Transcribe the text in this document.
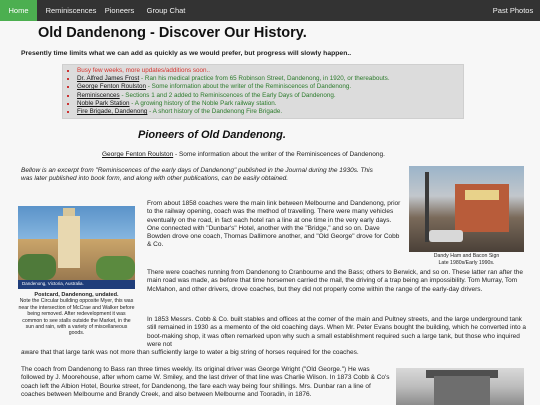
Home	Reminiscences	Pioneers	Group Chat	Past Photos
Old Dandenong - Discover Our History.
Presently time limits what we can add as quickly as we would prefer, but progress will slowly happen..
▪ Busy few weeks, more updates/additions soon..
▪ Dr. Alfred James Frost - Ran his medical practice from 65 Robinson Street, Dandenong, in 1920, or thereabouts.
▪ George Fenton Roulston - Some information about the writer of the Reminiscences of Dandenong.
▪ Reminiscences - Sections 1 and 2 added to Reminiscences of the Early Days of Dandenong.
▪ Noble Park Station - A growing history of the Noble Park railway station.
▪ Fire Brigade, Dandenong - A short history of the Dandenong Fire Brigade.
Pioneers of Old Dandenong.
George Fenton Roulston - Some information about the writer of the Reminiscences of Dandenong.
Bellow is an excerpt from "Reminiscences of the early days of Dandenong" published in the Journal during the 1930s. This was later published into book form, and along with other publications, can be easily obtained.
Dandy Ham and Bacon Sign
Late 1980s/Early 1990s.
Dandenong, Victoria, Australia.
Postcard, Dandenong, undated.
Note the Circular building opposite Myer, this was near the intersection of McCrae and Walker before being removed. After redevelopment it was common to see stalls outside the Market, in the sun and rain, with a variety of miscellaneous goods.
From about 1858 coaches were the main link between Melbourne and Dandenong, prior to the railway opening, coach was the method of travelling. There were many vehicles eventually on the road, in fact each hotel ran a line at one time in the very early days. One connected with "Dunbar's" Hotel, another with the "Bridge," and so on. Dave Bowden drove one coach, Thomas Dallimore another, and "Old George" drove for Cobb & Co.
There were coaches running from Dandenong to Cranbourne and the Bass; others to Berwick, and so on. These latter ran after the main road was made, as before that time horsemen carried the mail, the driving of a trap being an impossibility. Tom Murray, Tom McMahon, and other drivers, drove coaches, but they did not properly come within the range of the early-day drivers.
In 1853 Messrs. Cobb & Co. built stables and offices at the corner of the main and Pultney streets, and the large underground tank still remained in 1930 as a memento of the old coaching days. When Mr. Peter Evans bought the building, which he converted into a boot-making shop, it was often remarked upon why such a small establishment required such a large tank, but those who inquired were not
aware that that large tank was not more than sufficiently large to water a big string of horses required for the coaches.
The coach from Dandenong to Bass ran three times weekly. Its original driver was George Wright ("Old George.") He was followed by J. Moorehouse, after whom came W. Smiley, and the last driver of that line was Charlie Wilson. In 1873 Cobb & Co's coach left the Albion Hotel, Bourke street, for Dandenong, the fare each way being four shillings. Mrs. Dunbar ran a line of coaches between Melbourne and Brandy Creek, and also between Melbourne and Tooradin, in 1876.
